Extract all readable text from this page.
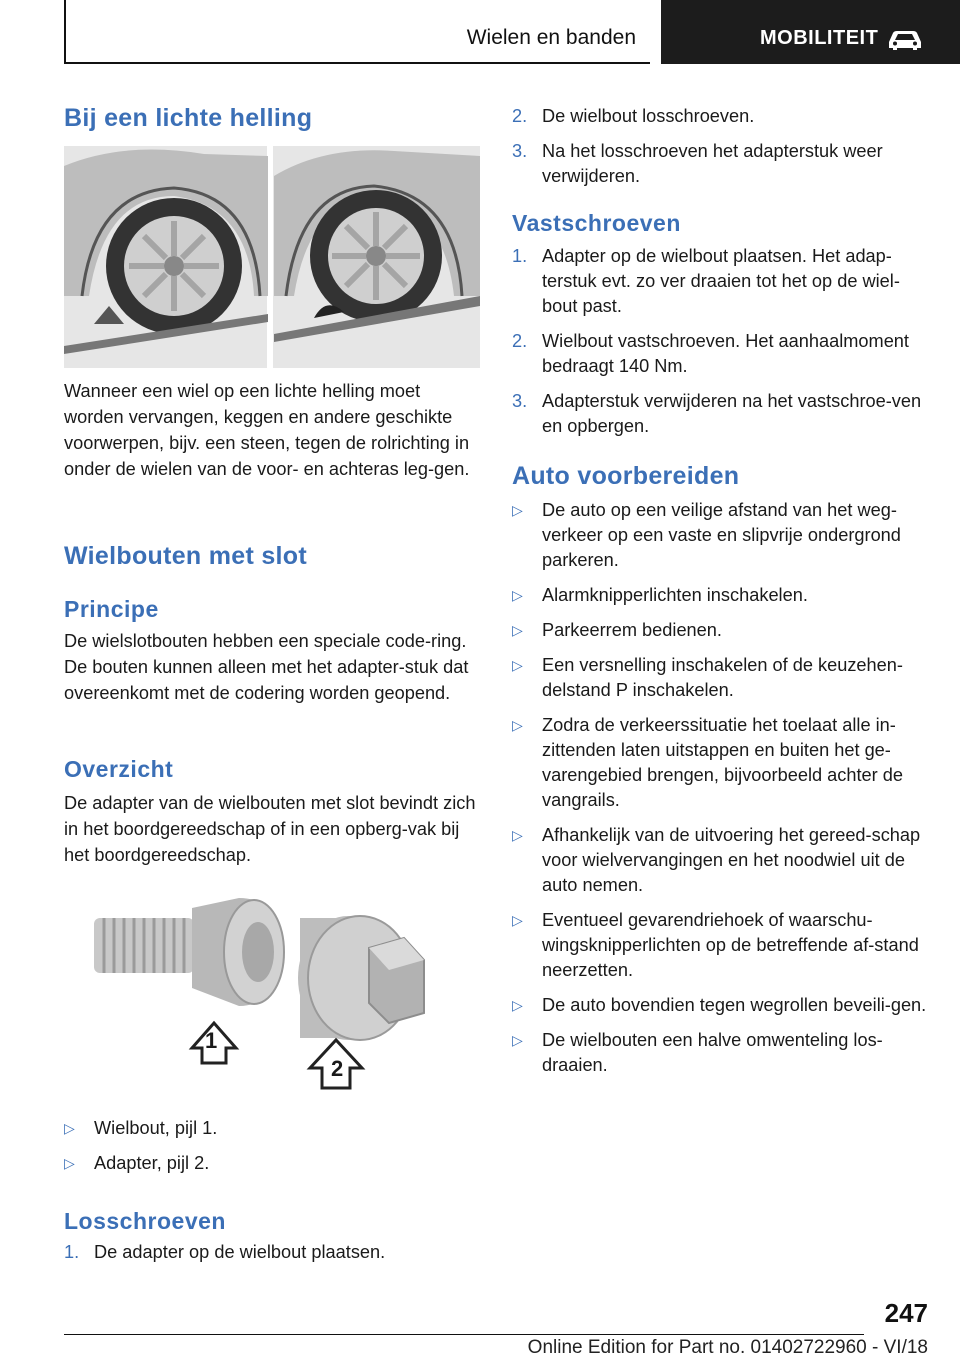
Wielen en banden	MOBILITEIT
Bij een lichte helling

Wanneer een wiel op een lichte helling moet worden vervangen, keggen en andere geschikte voorwerpen, bijv. een steen, tegen de rolrichting in onder de wielen van de voor- en achteras leg-gen.

Wielbouten met slot
Principe

De wielslotbouten hebben een speciale code-ring. De bouten kunnen alleen met het adapter-stuk dat overeenkomt met de codering worden geopend.

Overzicht

De adapter van de wielbouten met slot bevindt zich in het boordgereedschap of in een opberg-vak bij het boordgereedschap.

1
2
▷ Wielbout, pijl 1.
▷ Adapter, pijl 2.
Losschroeven
1. De adapter op de wielbout plaatsen.
2. De wielbout losschroeven.
3. Na het losschroeven het adapterstuk weer verwijderen.
Vastschroeven
1. Adapter op de wielbout plaatsen. Het adap-terstuk evt. zo ver draaien tot het op de wiel-bout past.
2. Wielbout vastschroeven. Het aanhaalmoment bedraagt 140 Nm.
3. Adapterstuk verwijderen na het vastschroe-ven en opbergen.
Auto voorbereiden
▷ De auto op een veilige afstand van het weg-verkeer op een vaste en slipvrije ondergrond parkeren.
▷ Alarmknipperlichten inschakelen.
▷ Parkeerrem bedienen.
▷ Een versnelling inschakelen of de keuzehen-delstand P inschakelen.
▷ Zodra de verkeerssituatie het toelaat alle in-zittenden laten uitstappen en buiten het ge-varengebied brengen, bijvoorbeeld achter de vangrails.
▷ Afhankelijk van de uitvoering het gereed-schap voor wielvervangingen en het noodwiel uit de auto nemen.
▷ Eventueel gevarendriehoek of waarschu-wingsknipperlichten op de betreffende af-stand neerzetten.
▷ De auto bovendien tegen wegrollen beveili-gen.
▷ De wielbouten een halve omwenteling los-draaien.
247
Online Edition for Part no. 01402722960 - VI/18
